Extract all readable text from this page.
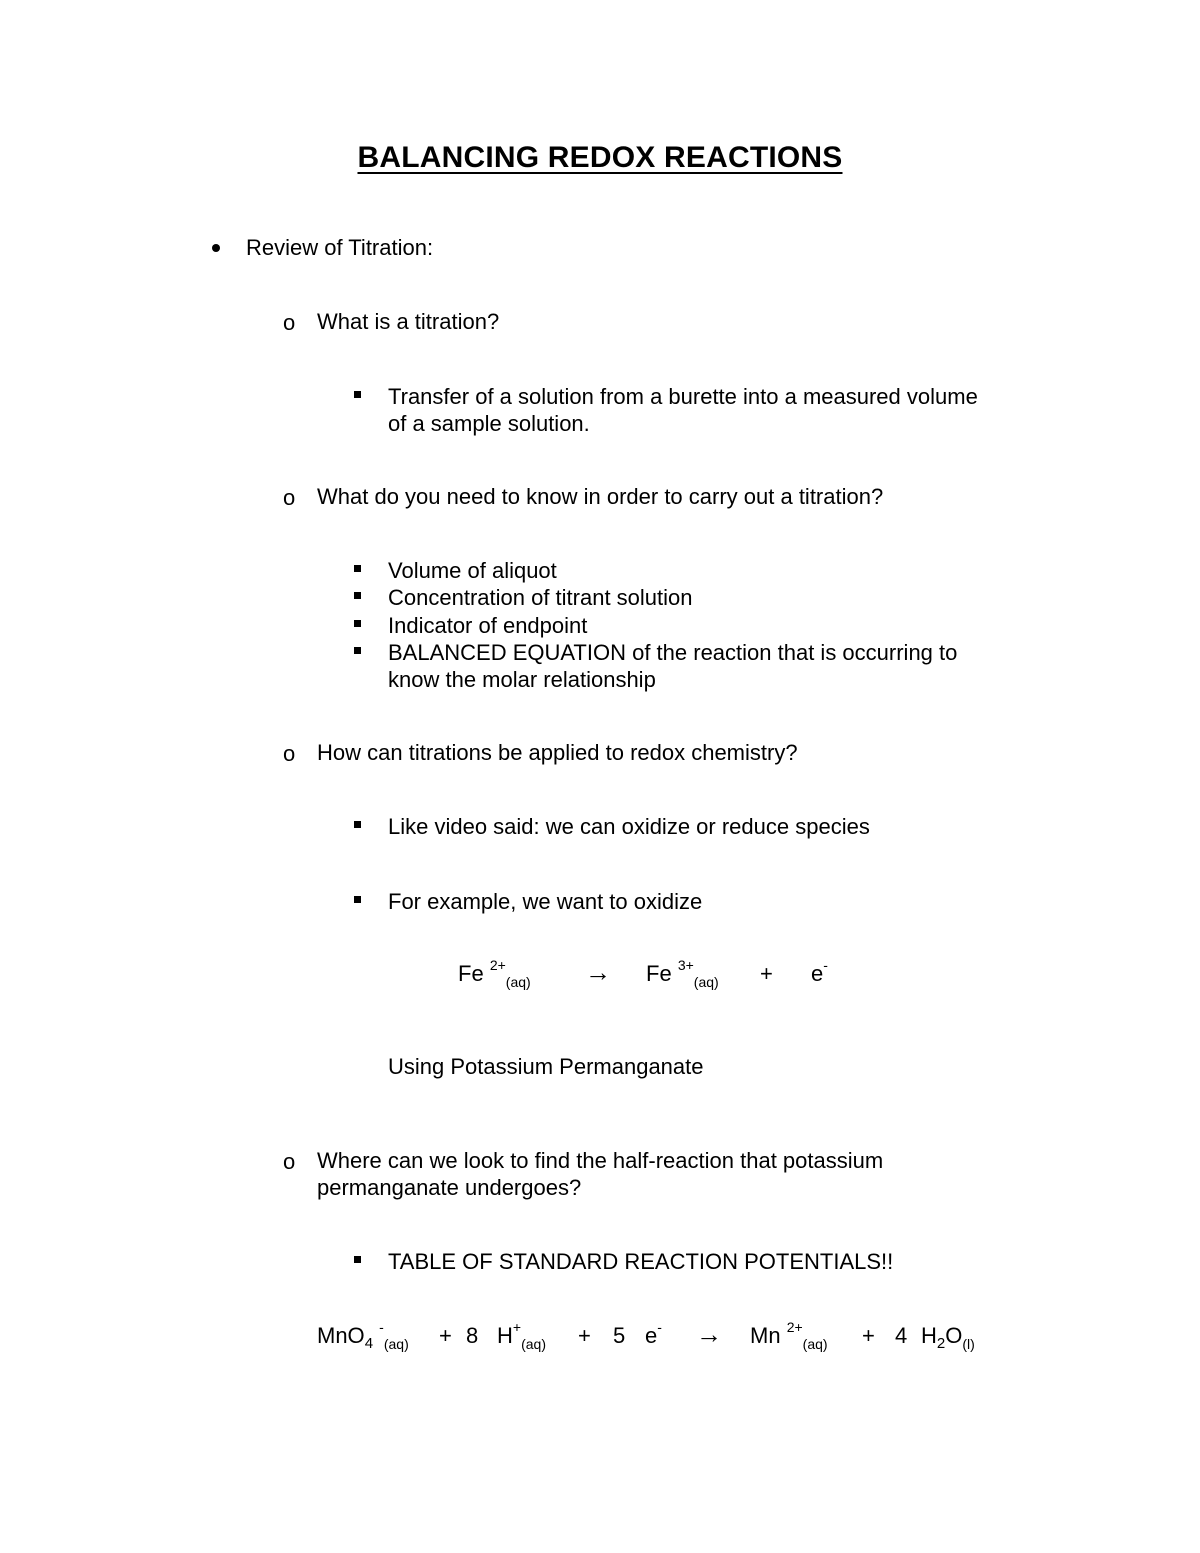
BALANCING REDOX REACTIONS
Review of Titration:
o What is a titration?
Transfer of a solution from a burette into a measured volume
of a sample solution.
o What do you need to know in order to carry out a titration?
Volume of aliquot
Concentration of titrant solution
Indicator of endpoint
BALANCED EQUATION of the reaction that is occurring to
know the molar relationship
o How can titrations be applied to redox chemistry?
Like video said: we can oxidize or reduce species
For example, we want to oxidize
Fe $^{2+}_{(aq)}$ → Fe $^{3+}_{(aq)}$ + e-
Using Potassium Permanganate
o Where can we look to find the half-reaction that potassium
permanganate undergoes?
TABLE OF STANDARD REACTION POTENTIALS!!
MnO$_4$ -$_{(aq)}$ + 8 $H^+_{(aq)} + 5$ e- → Mn $^{2+}_{(aq)}$ + 4 $H_2O_{(l)}$
